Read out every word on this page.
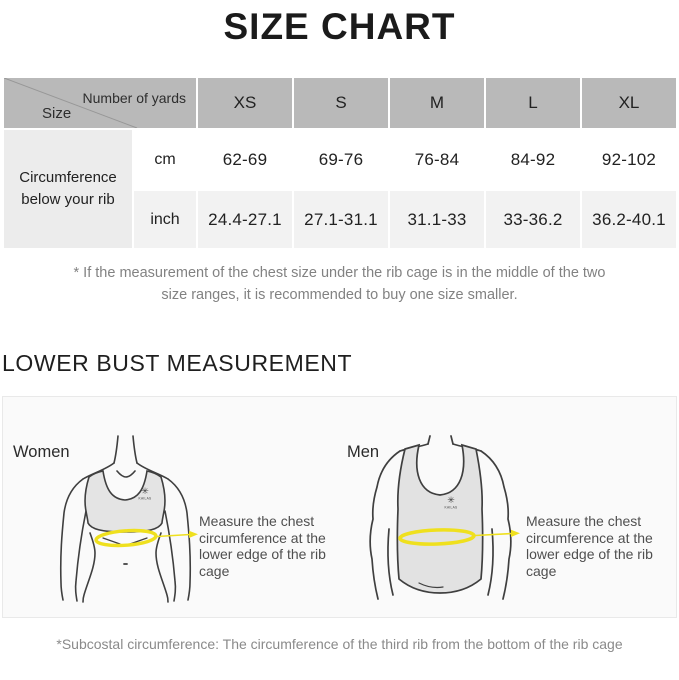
SIZE CHART
Number of yards
Size
XS	S	M	L	XL
Circumference below your rib
cm	62-69	69-76	76-84	84-92	92-102
inch	24.4-27.1	27.1-31.1	31.1-33	33-36.2	36.2-40.1

* If the measurement of the chest size under the rib cage is in the middle of the two size ranges, it is recommended to buy one size smaller.

LOWER BUST MEASUREMENT
Women
✳
KAILAS
Measure the chest
circumference at the
lower edge of the rib cage
Men
✳
KAILAS
Measure the chest
circumference at the
lower edge of the rib cage

*Subcostal circumference: The circumference of the third rib from the bottom of the rib cage
